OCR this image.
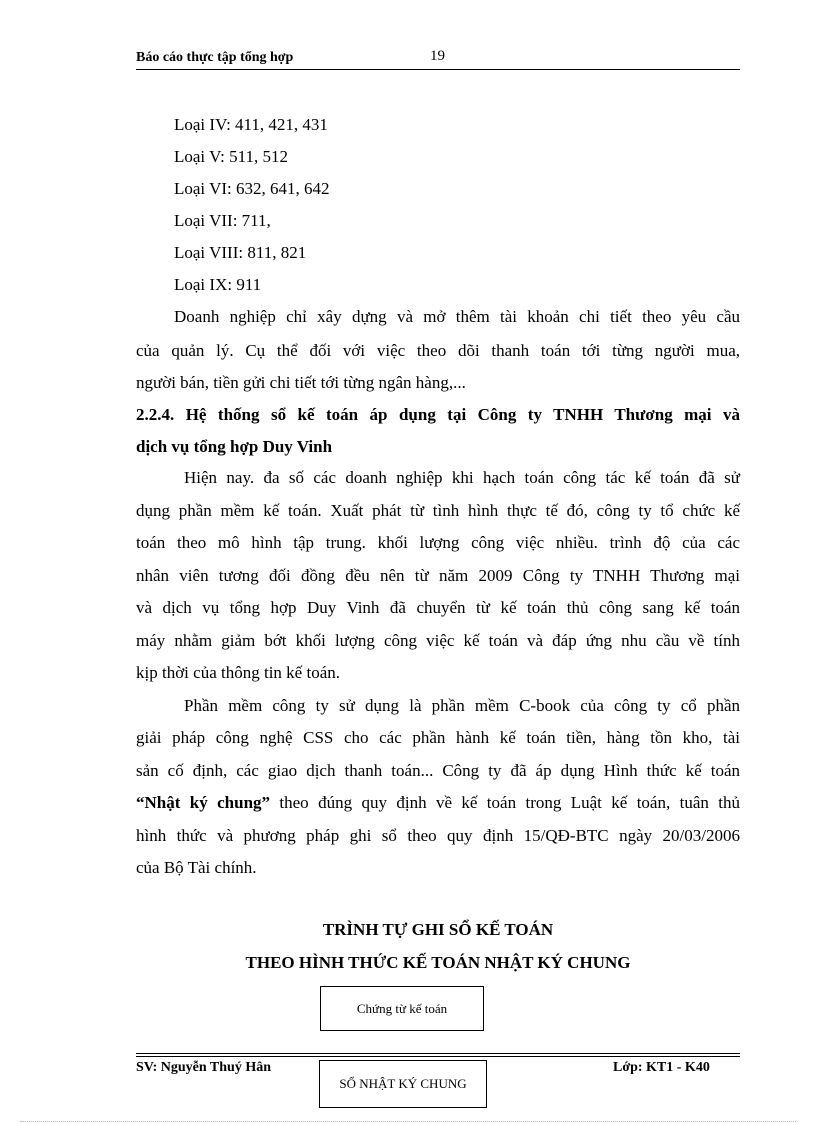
Báo cáo thực tập tổng hợp	19
Loại IV: 411, 421, 431
Loại V: 511, 512
Loại VI: 632, 641, 642
Loại VII: 711,
Loại VIII: 811, 821
Loại IX: 911
Doanh nghiệp chỉ xây dựng và mở thêm tài khoản chi tiết theo yêu cầu
của quản lý. Cụ thể đối với việc theo dõi thanh toán tới từng người mua,
người bán, tiền gửi chi tiết tới từng ngân hàng,...
2.2.4. Hệ thống sổ kế toán áp dụng tại Công ty TNHH Thương mại và
dịch vụ tổng hợp Duy Vinh
Hiện nay. đa số các doanh nghiệp khi hạch toán công tác kế toán đã sử
dụng phần mềm kế toán. Xuất phát từ tình hình thực tế đó, công ty tổ chức kế
toán theo mô hình tập trung. khối lượng công việc nhiều. trình độ của các
nhân viên tương đối đồng đều nên từ năm 2009 Công ty TNHH Thương mại
và dịch vụ tổng hợp Duy Vinh đã chuyển từ kế toán thủ công sang kế toán
máy nhằm giảm bớt khối lượng công việc kế toán và đáp ứng nhu cầu về tính
kịp thời của thông tin kế toán.
Phần mềm công ty sử dụng là phần mềm C-book của công ty cổ phần
giải pháp công nghệ CSS cho các phần hành kế toán tiền, hàng tồn kho, tài
sản cố định, các giao dịch thanh toán... Công ty đã áp dụng Hình thức kế toán
“Nhật ký chung” theo đúng quy định về kế toán trong Luật kế toán, tuân thủ
hình thức và phương pháp ghi sổ theo quy định 15/QĐ-BTC ngày 20/03/2006
của Bộ Tài chính.
TRÌNH TỰ GHI SỔ KẾ TOÁN
THEO HÌNH THỨC KẾ TOÁN NHẬT KÝ CHUNG
Chứng từ kế toán
SV: Nguyễn Thuý Hân	Lớp: KT1 - K40
SỔ NHẬT KÝ CHUNG
